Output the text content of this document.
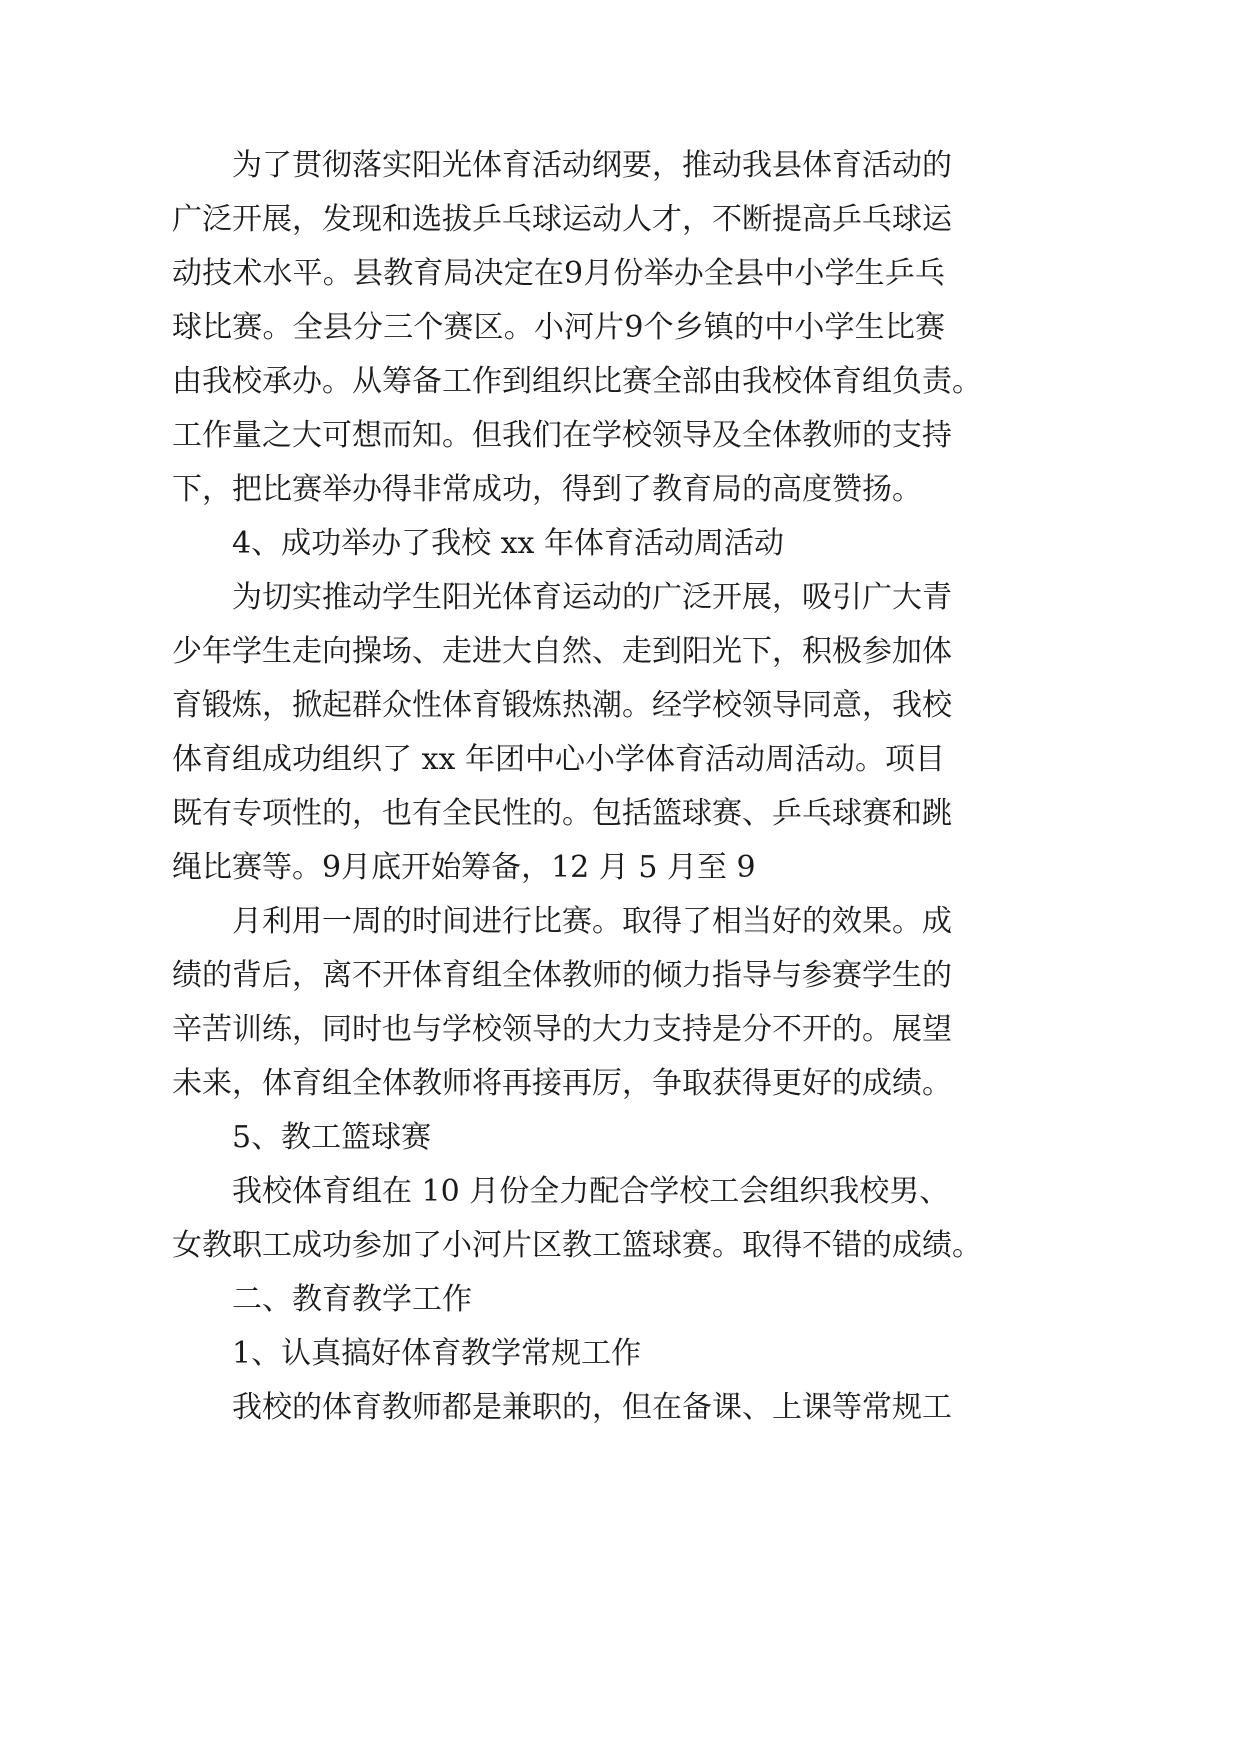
为了贯彻落实阳光体育活动纲要，推动我县体育活动的
广泛开展，发现和选拔乒乓球运动人才，不断提高乒乓球运
动技术水平。县教育局决定在9月份举办全县中小学生乒乓
球比赛。全县分三个赛区。小河片9个乡镇的中小学生比赛
由我校承办。从筹备工作到组织比赛全部由我校体育组负责。
工作量之大可想而知。但我们在学校领导及全体教师的支持
下，把比赛举办得非常成功，得到了教育局的高度赞扬。
4、成功举办了我校 xx 年体育活动周活动
为切实推动学生阳光体育运动的广泛开展，吸引广大青
少年学生走向操场、走进大自然、走到阳光下，积极参加体
育锻炼，掀起群众性体育锻炼热潮。经学校领导同意，我校
体育组成功组织了 xx 年团中心小学体育活动周活动。项目
既有专项性的，也有全民性的。包括篮球赛、乒乓球赛和跳
绳比赛等。9月底开始筹备，12 月 5 月至 9
月利用一周的时间进行比赛。取得了相当好的效果。成
绩的背后，离不开体育组全体教师的倾力指导与参赛学生的
辛苦训练，同时也与学校领导的大力支持是分不开的。展望
未来，体育组全体教师将再接再厉，争取获得更好的成绩。
5、教工篮球赛
我校体育组在 10 月份全力配合学校工会组织我校男、
女教职工成功参加了小河片区教工篮球赛。取得不错的成绩。
二、教育教学工作
1、认真搞好体育教学常规工作
我校的体育教师都是兼职的，但在备课、上课等常规工
